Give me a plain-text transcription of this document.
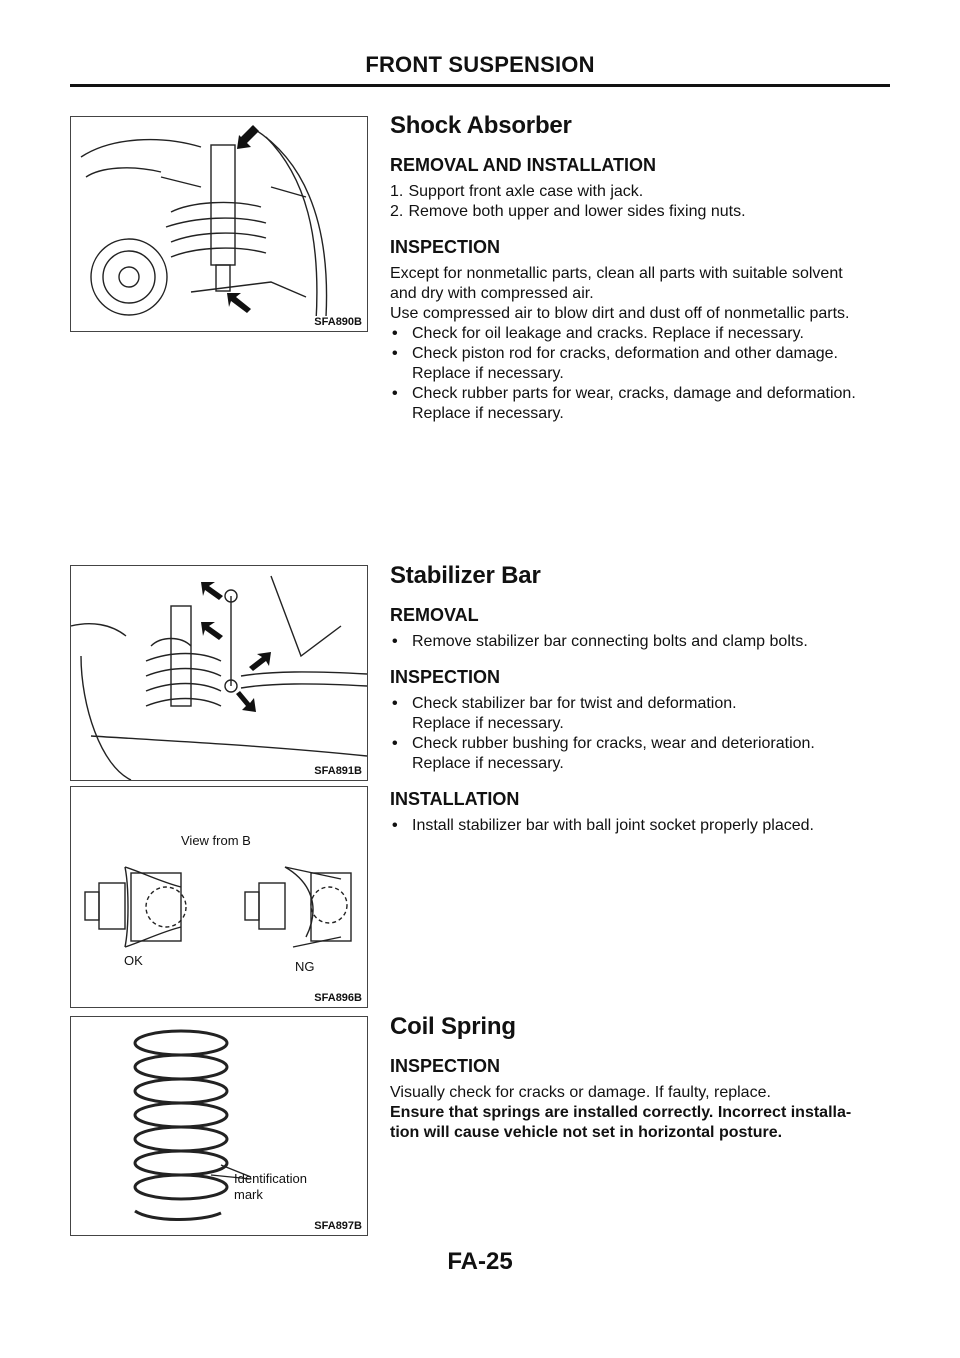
FRONT SUSPENSION
SFA890B
Shock Absorber
REMOVAL AND INSTALLATION
1. Support front axle case with jack.
2. Remove both upper and lower sides fixing nuts.
INSPECTION
Except for nonmetallic parts, clean all parts with suitable solvent
and dry with compressed air.
Use compressed air to blow dirt and dust off of nonmetallic parts.
• Check for oil leakage and cracks. Replace if necessary.
• Check piston rod for cracks, deformation and other damage.
Replace if necessary.
• Check rubber parts for wear, cracks, damage and deformation.
Replace if necessary.
SFA891B
Stabilizer Bar
REMOVAL
• Remove stabilizer bar connecting bolts and clamp bolts.
INSPECTION
• Check stabilizer bar for twist and deformation.
Replace if necessary.
• Check rubber bushing for cracks, wear and deterioration.
Replace if necessary.
View from B
OK	NG
SFA896B
INSTALLATION
• Install stabilizer bar with ball joint socket properly placed.
Identification
mark
SFA897B
Coil Spring
INSPECTION
Visually check for cracks or damage. If faulty, replace.
Ensure that springs are installed correctly. Incorrect installa-
tion will cause vehicle not set in horizontal posture.
FA-25
